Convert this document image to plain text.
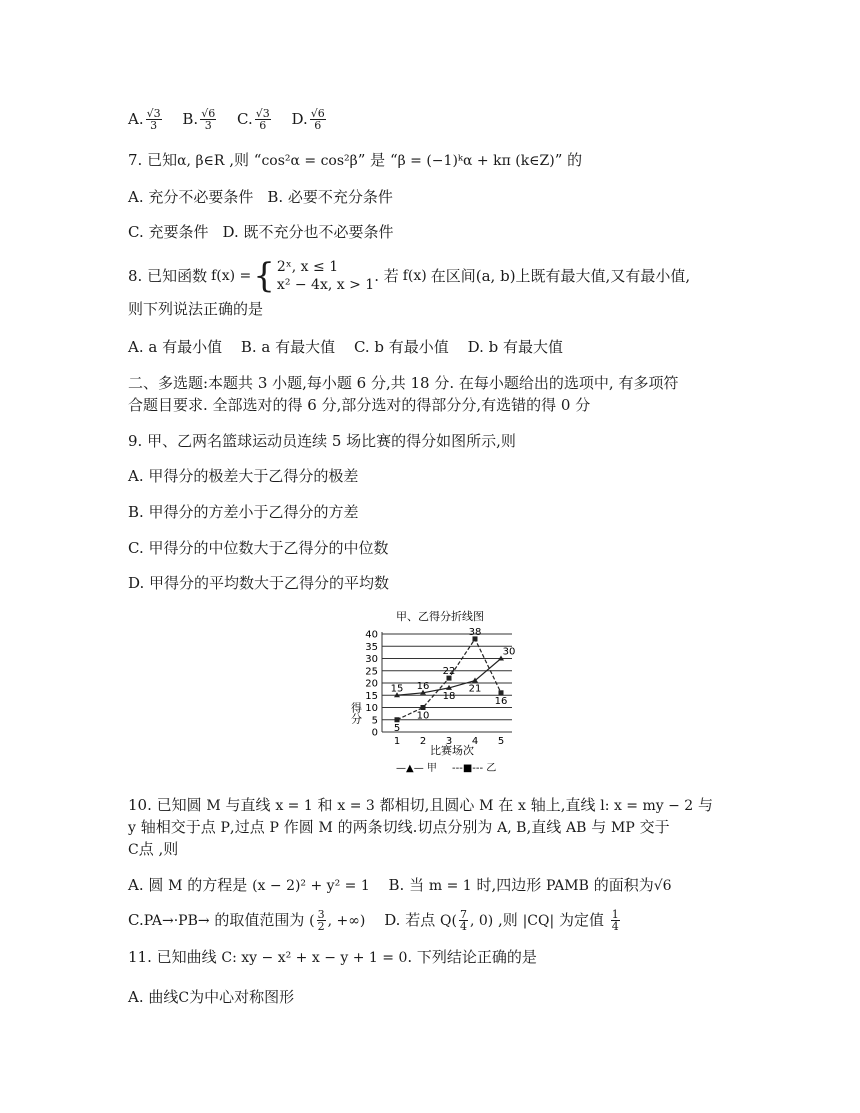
A. $\frac{√3}{3} B$. $\frac{√6}{3} C$. $\frac{√3}{6} D$. $\frac{√6}{6}$
7. 已知α, β∈R ,则 “cos²α = cos²β” 是 “β = (−1)ᵏα + kπ (k∈Z)” 的
A. 充分不必要条件 B. 必要不充分条件
C. 充要条件 D. 既不充分也不必要条件
8. 已知函数 f(x) = { 2ˣ, x ≤ 1
x² − 4x, x > 1 . 若 f(x) 在区间(a, b)上既有最大值,又有最小值,
则下列说法正确的是
A. a 有最小值 B. a 有最大值 C. b 有最小值 D. b 有最大值
二、多选题:本题共 3 小题,每小题 6 分,共 18 分. 在每小题给出的选项中, 有多项符
合题目要求. 全部选对的得 6 分,部分选对的得部分分,有选错的得 0 分
9. 甲、乙两名篮球运动员连续 5 场比赛的得分如图所示,则
A. 甲得分的极差大于乙得分的极差
B. 甲得分的方差小于乙得分的方差
C. 甲得分的中位数大于乙得分的中位数
D. 甲得分的平均数大于乙得分的平均数
甲、乙得分折线图
0
5
10
15
20
25
30
35
40
1 2 3 4 5
15 16
18
21
30
5
10
22
38
16
得分
比赛场次
—▲— 甲 ---■--- 乙
10. 已知圆 M 与直线 x = 1 和 x = 3 都相切,且圆心 M 在 x 轴上,直线 l: x = my − 2 与
y 轴相交于点 P,过点 P 作圆 M 的两条切线.切点分别为 A, B,直线 AB 与 MP 交于
C点 ,则
A. 圆 M 的方程是 (x − 2)² + y² = 1 B. 当 m = 1 时,四边形 PAMB 的面积为√6
C.PA→·PB→ 的取值范围为 ( $\frac{3}{2}$ , +∞) D. 若点 $Q( \frac{7}{4}$ , 0) ,则 |CQ| 为定值 $\frac{1}{4}$
11. 已知曲线 C: xy − x² + x − y + 1 = 0. 下列结论正确的是
A. 曲线C为中心对称图形
